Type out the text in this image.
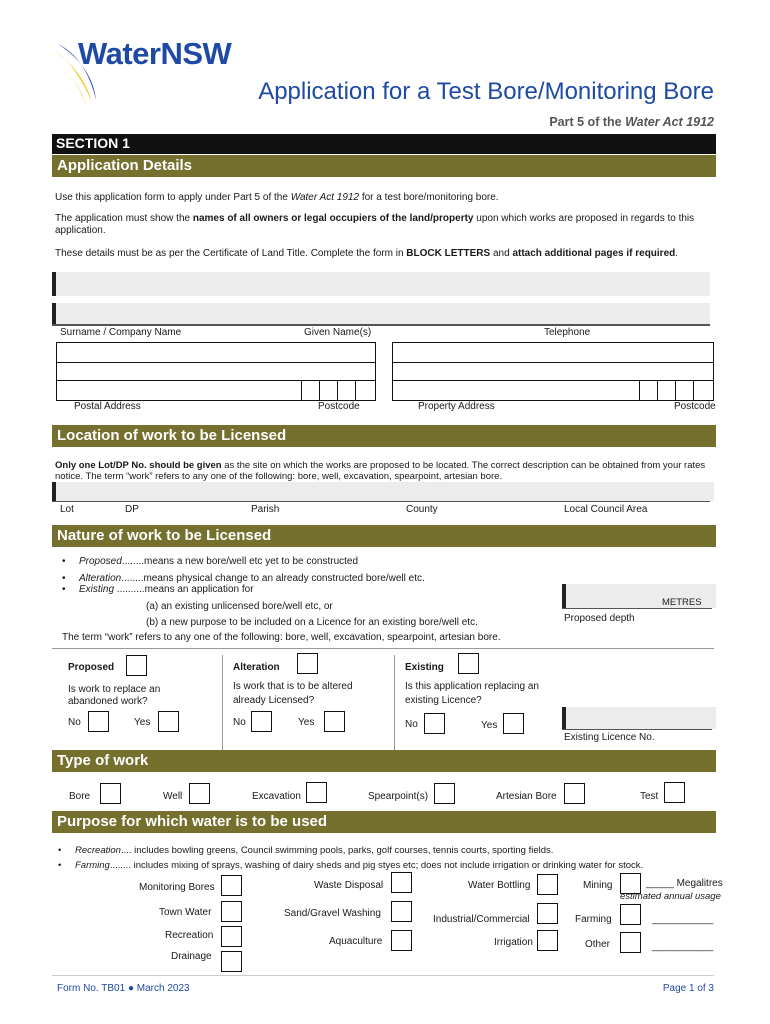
WaterNSW
Application for a Test Bore/Monitoring Bore
Part 5 of the Water Act 1912
SECTION 1
Application Details
Use this application form to apply under Part 5 of the Water Act 1912 for a test bore/monitoring bore.
The application must show the names of all owners or legal occupiers of the land/property upon which works are proposed in regards to this application.
These details must be as per the Certificate of Land Title. Complete the form in BLOCK LETTERS and attach additional pages if required.
Surname / Company Name	Given Name(s)	Telephone
Postal Address	Postcode	Property Address	Postcode
Location of work to be Licensed
Only one Lot/DP No. should be given as the site on which the works are proposed to be located. The correct description can be obtained from your rates notice. The term “work” refers to any one of the following: bore, well, excavation, spearpoint, artesian bore.
Lot	DP	Parish	County	Local Council Area
Nature of work to be Licensed
Proposed........means a new bore/well etc yet to be constructed
Alteration........means physical change to an already constructed bore/well etc.
Existing ..........means an application for
(a) an existing unlicensed bore/well etc, or
(b) a new purpose to be included on a Licence for an existing bore/well etc.
The term “work” refers to any one of the following: bore, well, excavation, spearpoint, artesian bore.
METRES
Proposed depth
Proposed
Is work to replace an abandoned work?
No	Yes
Alteration
Is work that is to be altered already Licensed?
No	Yes
Existing
Is this application replacing an existing Licence?
No	Yes
Existing Licence No.
Type of work
Bore	Well	Excavation	Spearpoint(s)	Artesian Bore	Test
Purpose for which water is to be used
Recreation.... includes bowling greens, Council swimming pools, parks, golf courses, tennis courts, sporting fields.
Farming........ includes mixing of sprays, washing of dairy sheds and pig styes etc; does not include irrigation or drinking water for stock.
Monitoring Bores
Town Water
Recreation
Drainage
Waste Disposal
Sand/Gravel Washing
Aquaculture
Water Bottling
Industrial/Commercial
Irrigation
Mining	_____ Megalitres
estimated annual usage
Farming	___________
Other	___________
Form No. TB01 ● March 2023	Page 1 of 3
